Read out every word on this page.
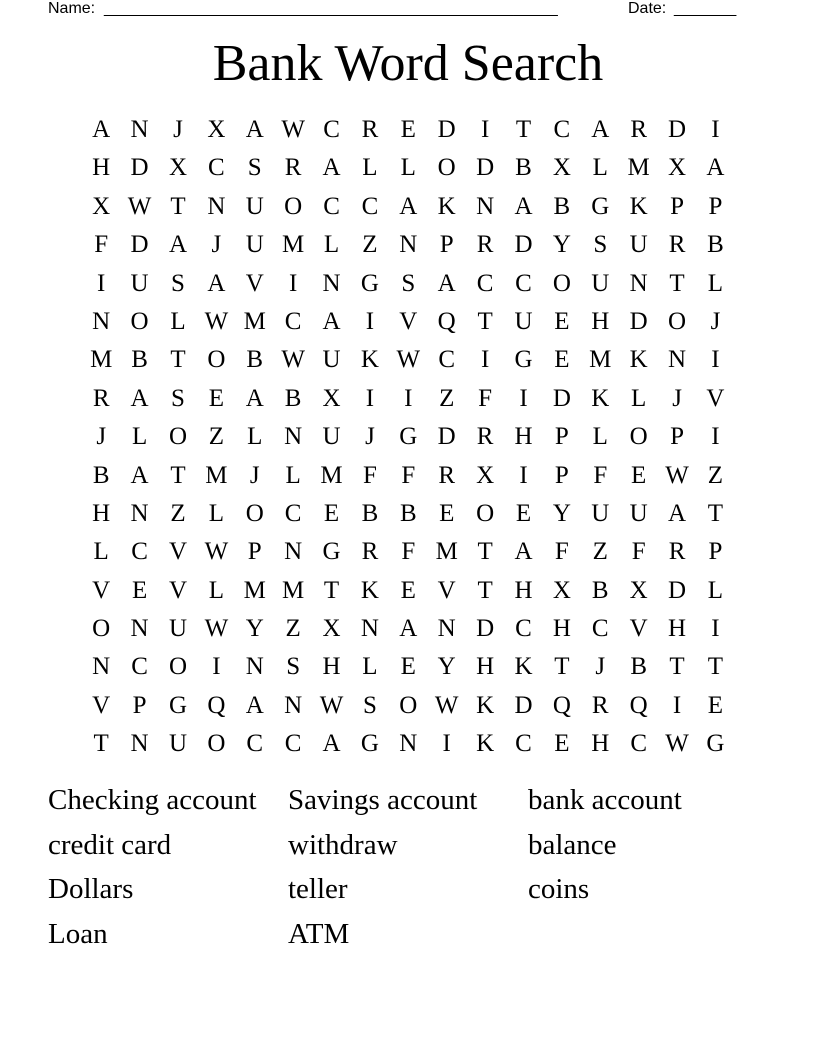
Name: ___________________________________________________	Date: _______
Bank Word Search
A N J X A W C R E D	I	T C A R D	I
H D X C S R A L L O D B X L M X A
X W T N U O C C A K N A B G K P P
F D A J U M L Z N P R D Y S U R B
I	U S A V	I	N G S A C C O U N T L
N O L W M C A	I	V Q T U E H D O J
M B T O B W U K W C	I	G E M K N	I
R A S E A B X	I	I	Z F	I	D K L	J V
J	L O Z L N U J G D R H P L O P	I
B A T M J	L M F F R X	I	P F E W Z
H N Z L O C E B B E O E Y U U A T
L C V W P N G R F M T A F Z F R P
V E V L M M T K E V T H X B X D L
O N U W Y Z X N A N D C H C V H	I
N C O	I	N S H L E Y H K T	J	B T T
V P G Q A N W S O W K D Q R Q	I	E
T N U O C C A G N	I	K C E H C W G
Checking account	Savings account	bank account
credit card	withdraw	balance
Dollars	teller	coins
Loan	ATM
